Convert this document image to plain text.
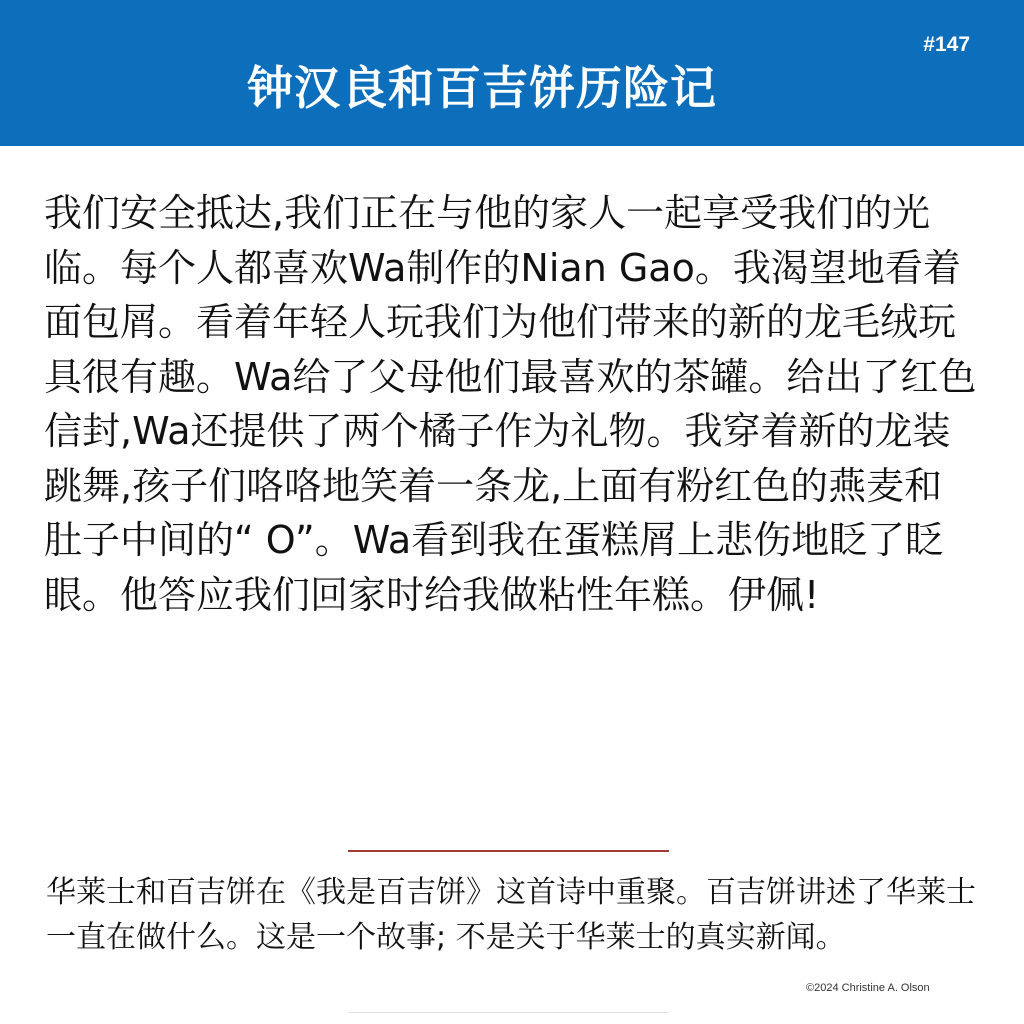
#147
钟汉良和百吉饼历险记

我们安全抵达,我们正在与他的家人一起享受我们的光临。每个人都喜欢Wa制作的Nian Gao。我渴望地看着面包屑。看着年轻人玩我们为他们带来的新的龙毛绒玩具很有趣。Wa给了父母他们最喜欢的茶罐。给出了红色信封,Wa还提供了两个橘子作为礼物。我穿着新的龙装跳舞,孩子们咯咯地笑着一条龙,上面有粉红色的燕麦和肚子中间的“ O”。Wa看到我在蛋糕屑上悲伤地眨了眨眼。他答应我们回家时给我做粘性年糕。伊佩!

华莱士和百吉饼在《我是百吉饼》这首诗中重聚。百吉饼讲述了华莱士一直在做什么。这是一个故事; 不是关于华莱士的真实新闻。

©2024 Christine A. Olson
